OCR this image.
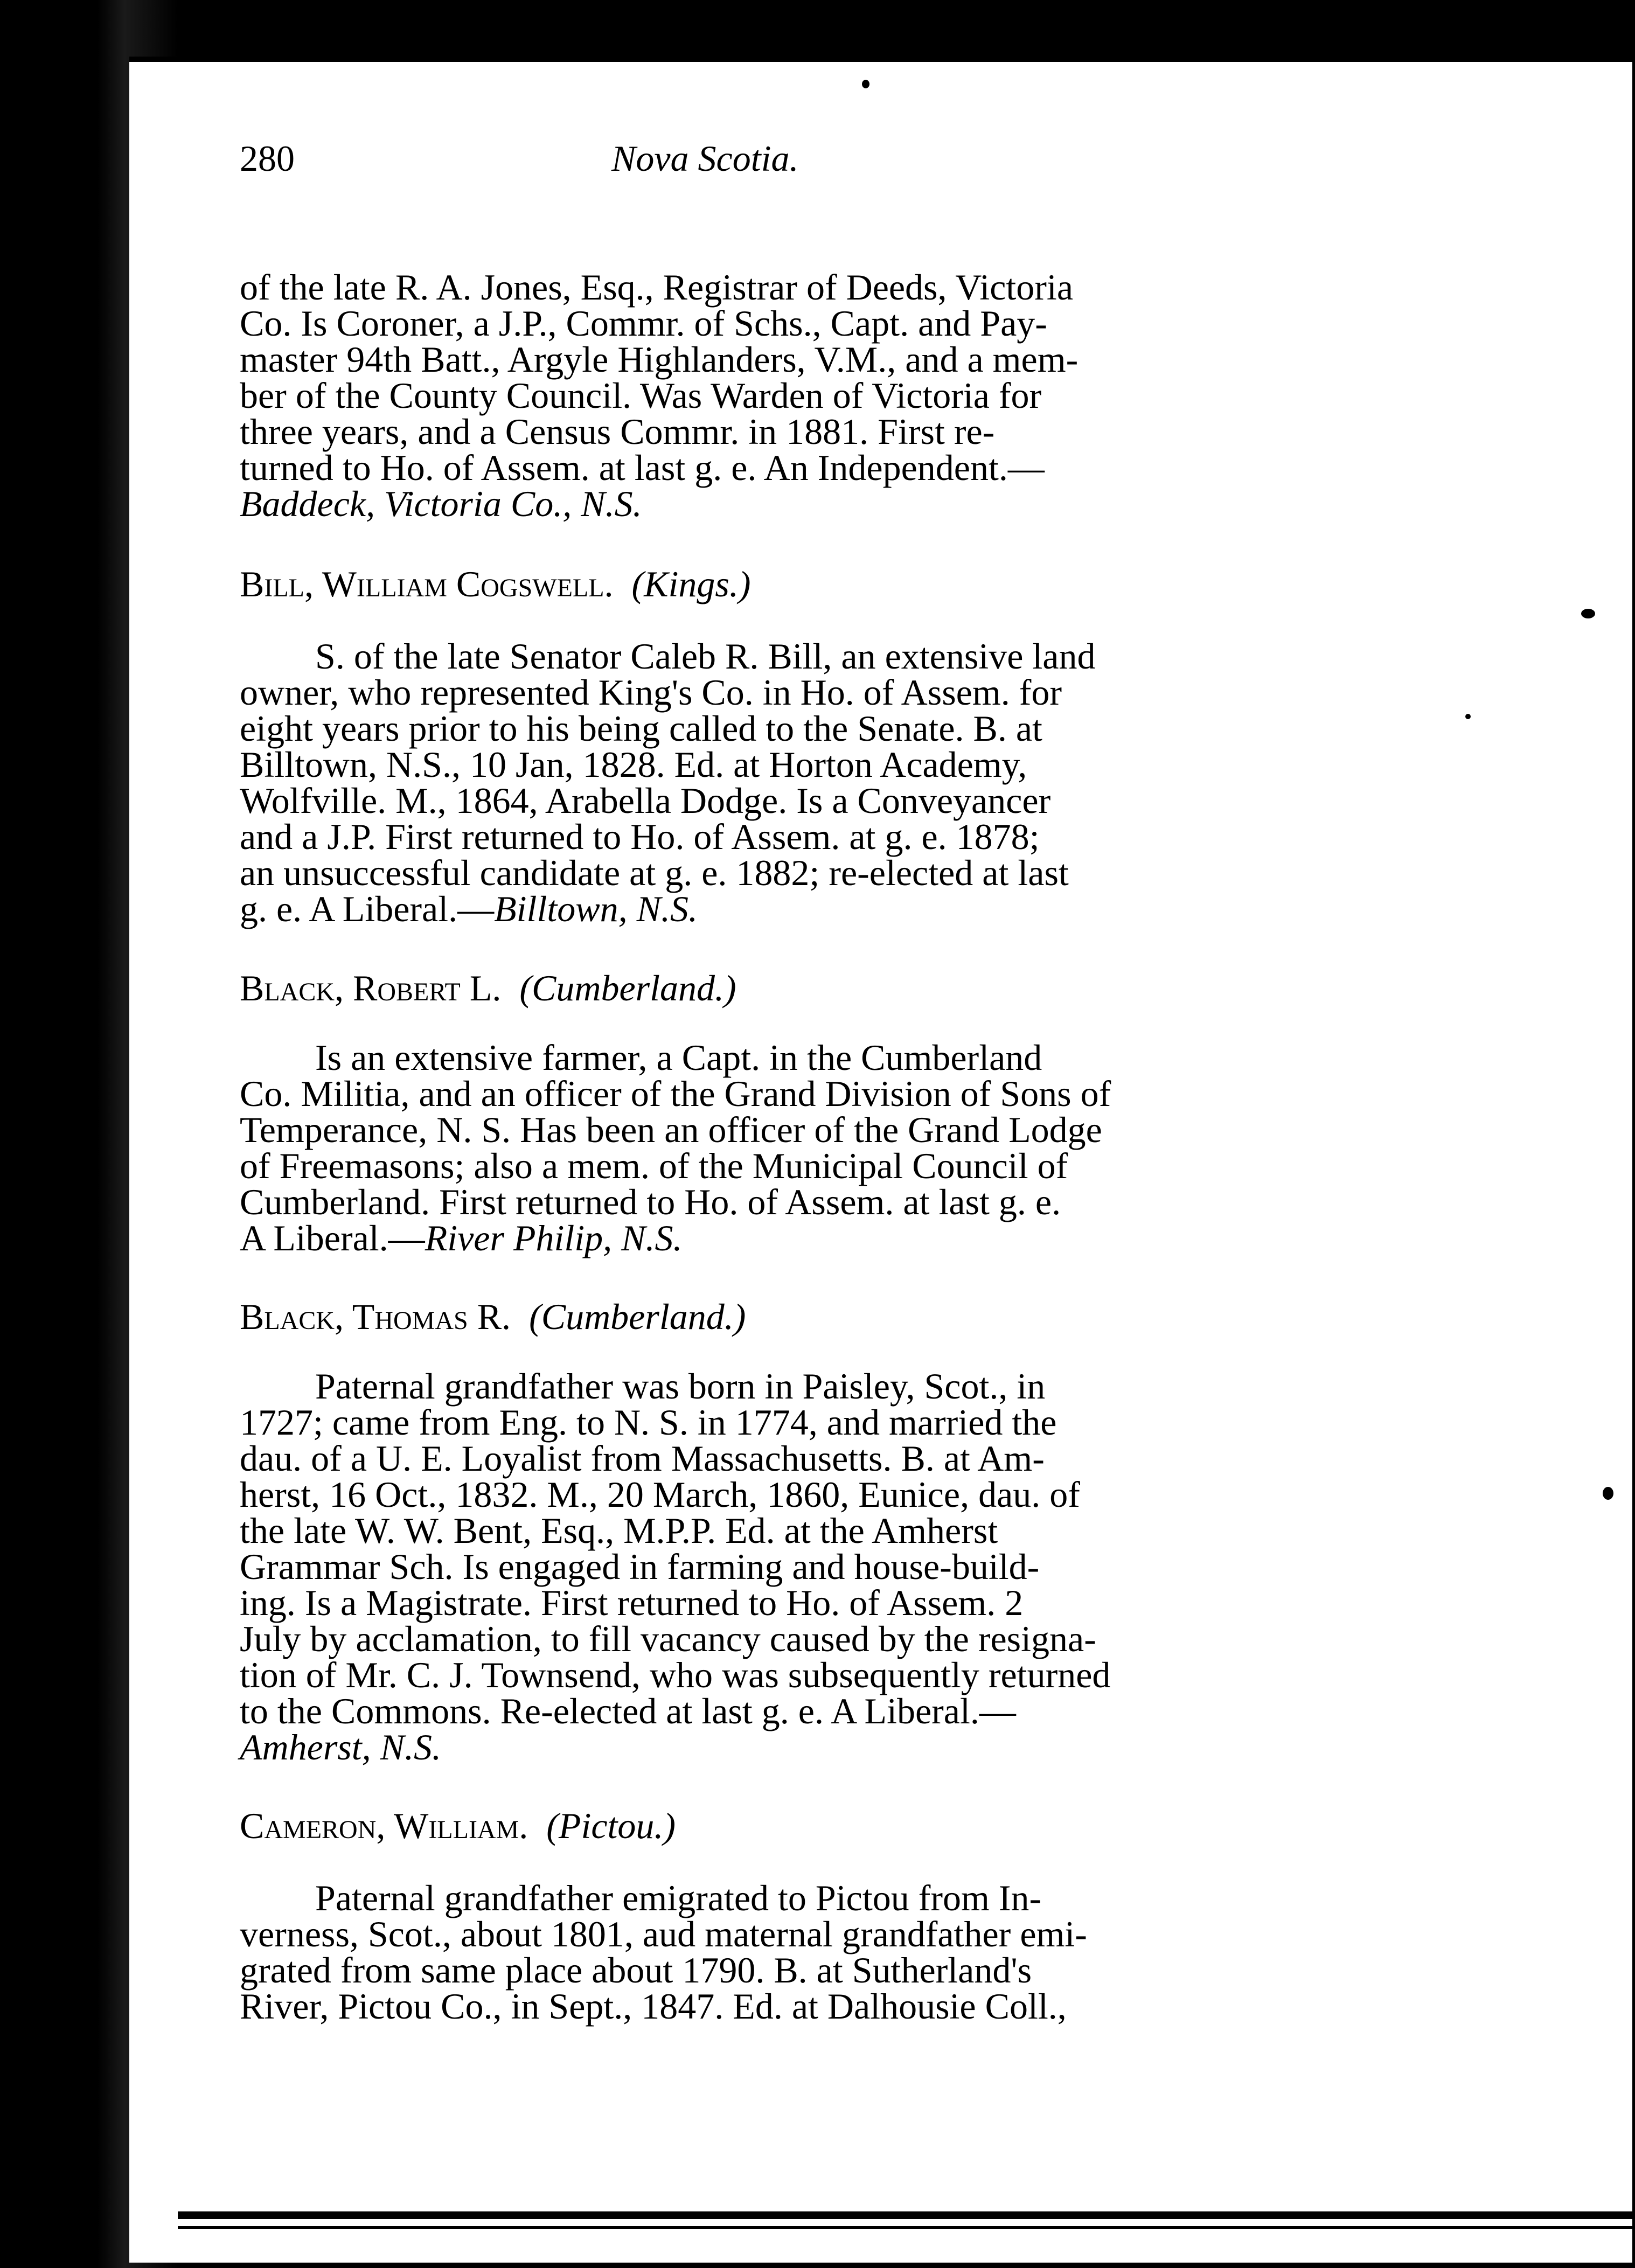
280	Nova Scotia.
of the late R. A. Jones, Esq., Registrar of Deeds, Victoria
Co. Is Coroner, a J.P., Commr. of Schs., Capt. and Pay-
master 94th Batt., Argyle Highlanders, V.M., and a mem-
ber of the County Council. Was Warden of Victoria for
three years, and a Census Commr. in 1881. First re-
turned to Ho. of Assem. at last g. e. An Independent.—
Baddeck, Victoria Co., N.S.
Bill, William Cogswell. (Kings.)
S. of the late Senator Caleb R. Bill, an extensive land
owner, who represented King's Co. in Ho. of Assem. for
eight years prior to his being called to the Senate. B. at
Billtown, N.S., 10 Jan, 1828. Ed. at Horton Academy,
Wolfville. M., 1864, Arabella Dodge. Is a Conveyancer
and a J.P. First returned to Ho. of Assem. at g. e. 1878;
an unsuccessful candidate at g. e. 1882; re-elected at last
g. e. A Liberal.—Billtown, N.S.
Black, Robert L. (Cumberland.)
Is an extensive farmer, a Capt. in the Cumberland
Co. Militia, and an officer of the Grand Division of Sons of
Temperance, N. S. Has been an officer of the Grand Lodge
of Freemasons; also a mem. of the Municipal Council of
Cumberland. First returned to Ho. of Assem. at last g. e.
A Liberal.—River Philip, N.S.
Black, Thomas R. (Cumberland.)
Paternal grandfather was born in Paisley, Scot., in
1727; came from Eng. to N. S. in 1774, and married the
dau. of a U. E. Loyalist from Massachusetts. B. at Am-
herst, 16 Oct., 1832. M., 20 March, 1860, Eunice, dau. of
the late W. W. Bent, Esq., M.P.P. Ed. at the Amherst
Grammar Sch. Is engaged in farming and house-build-
ing. Is a Magistrate. First returned to Ho. of Assem. 2
July by acclamation, to fill vacancy caused by the resigna-
tion of Mr. C. J. Townsend, who was subsequently returned
to the Commons. Re-elected at last g. e. A Liberal.—
Amherst, N.S.
Cameron, William. (Pictou.)
Paternal grandfather emigrated to Pictou from In-
verness, Scot., about 1801, aud maternal grandfather emi-
grated from same place about 1790. B. at Sutherland's
River, Pictou Co., in Sept., 1847. Ed. at Dalhousie Coll.,
